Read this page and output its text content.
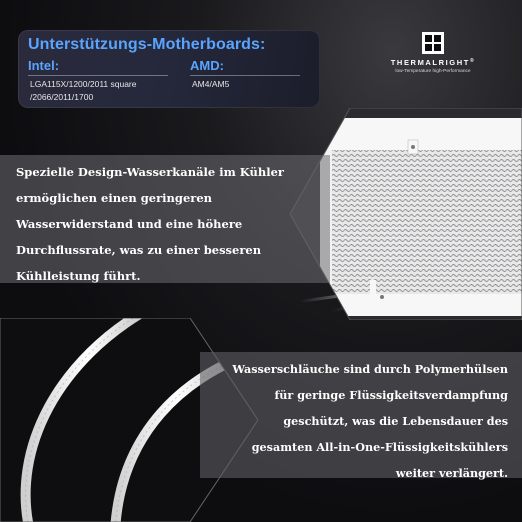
Unterstützungs-Motherboards:
Intel:	AMD:
LGA115X/1200/2011 square
/2066/2011/1700
AM4/AM5
THERMALRIGHT®
low-Temperature high-Performance
Spezielle Design-Wasserkanäle im Kühler
ermöglichen einen geringeren
Wasserwiderstand und eine höhere
Durchflussrate, was zu einer besseren
Kühlleistung führt.
Wasserschläuche sind durch Polymerhülsen
für geringe Flüssigkeitsverdampfung
geschützt, was die Lebensdauer des
gesamten All-in-One-Flüssigkeitskühlers
weiter verlängert.
